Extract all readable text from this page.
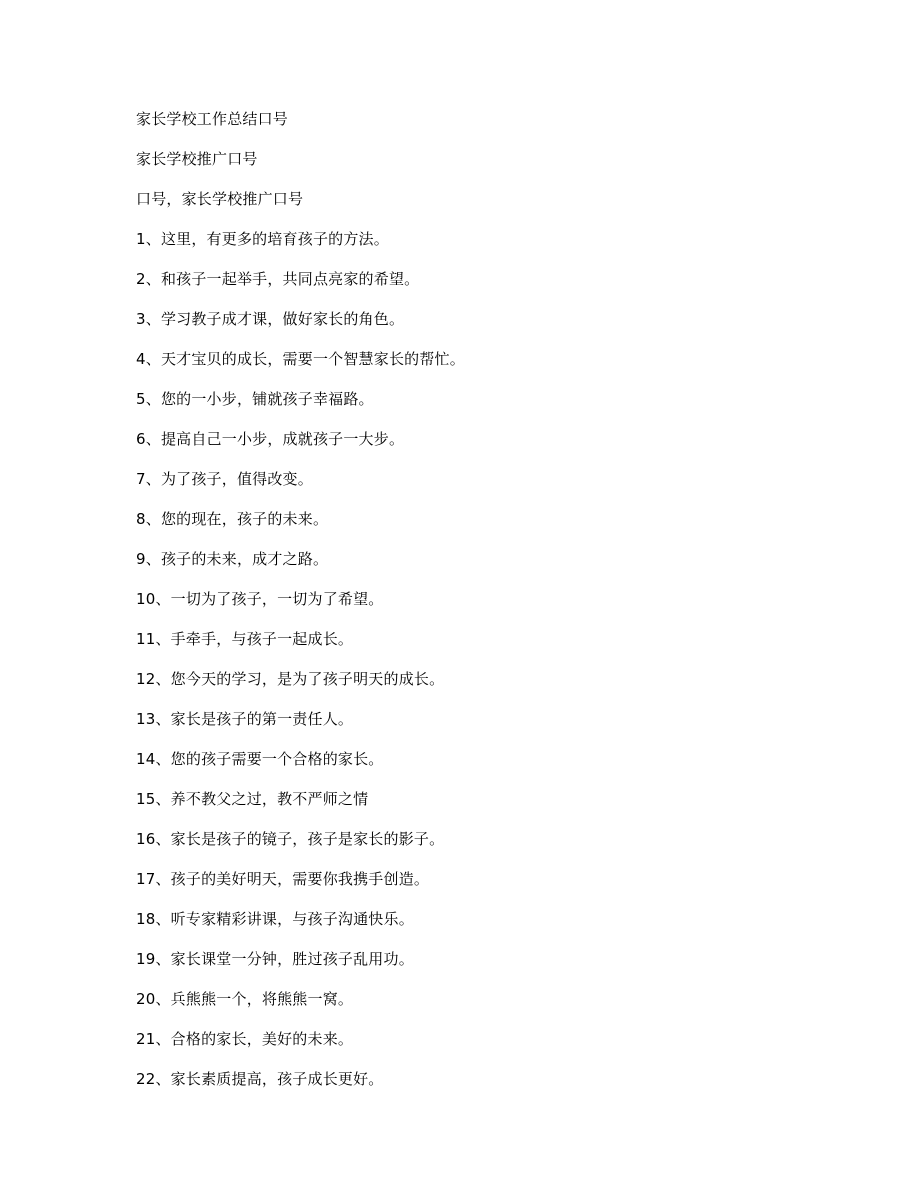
家长学校工作总结口号
家长学校推广口号
口号，家长学校推广口号
1、这里，有更多的培育孩子的方法。
2、和孩子一起举手，共同点亮家的希望。
3、学习教子成才课，做好家长的角色。
4、天才宝贝的成长，需要一个智慧家长的帮忙。
5、您的一小步，铺就孩子幸福路。
6、提高自己一小步，成就孩子一大步。
7、为了孩子，值得改变。
8、您的现在，孩子的未来。
9、孩子的未来，成才之路。
10、一切为了孩子，一切为了希望。
11、手牵手，与孩子一起成长。
12、您今天的学习，是为了孩子明天的成长。
13、家长是孩子的第一责任人。
14、您的孩子需要一个合格的家长。
15、养不教父之过，教不严师之情
16、家长是孩子的镜子，孩子是家长的影子。
17、孩子的美好明天，需要你我携手创造。
18、听专家精彩讲课，与孩子沟通快乐。
19、家长课堂一分钟，胜过孩子乱用功。
20、兵熊熊一个，将熊熊一窝。
21、合格的家长，美好的未来。
22、家长素质提高，孩子成长更好。
